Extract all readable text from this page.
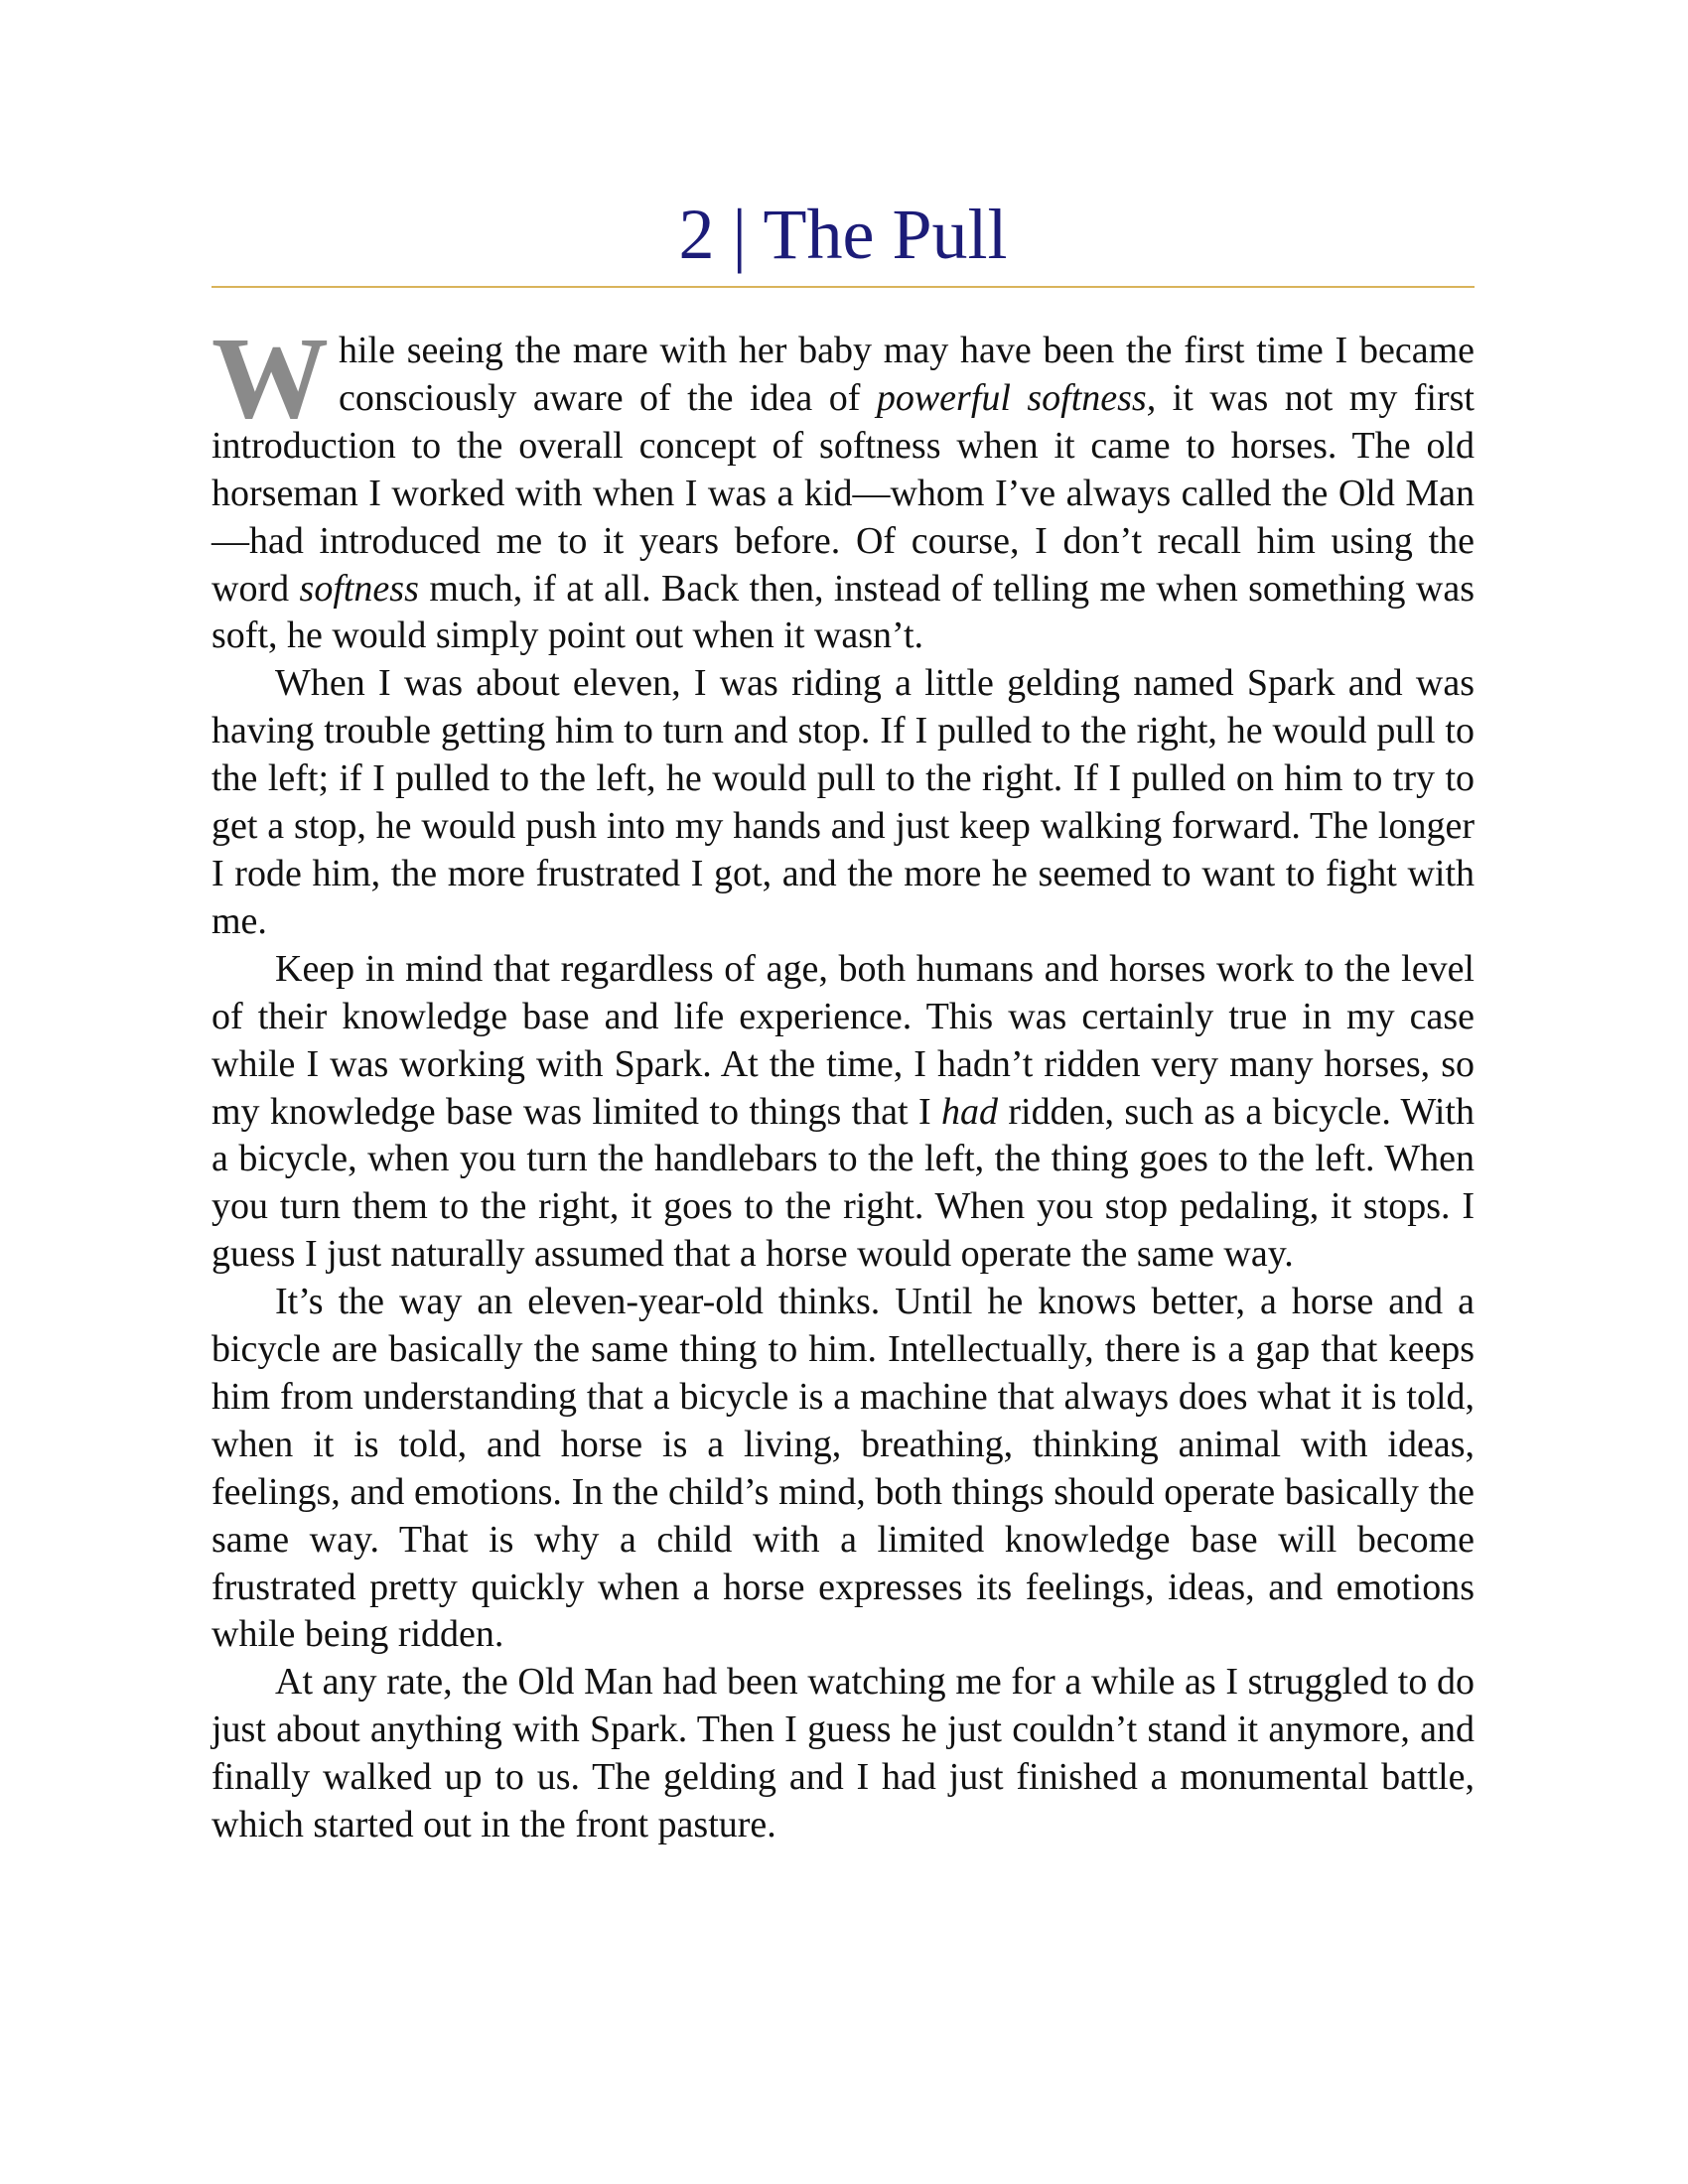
2 | The Pull

While seeing the mare with her baby may have been the first time I became consciously aware of the idea of powerful softness, it was not my first introduction to the overall concept of softness when it came to horses. The old horseman I worked with when I was a kid—whom I’ve always called the Old Man—had introduced me to it years before. Of course, I don’t recall him using the word softness much, if at all. Back then, instead of telling me when something was soft, he would simply point out when it wasn’t.

When I was about eleven, I was riding a little gelding named Spark and was having trouble getting him to turn and stop. If I pulled to the right, he would pull to the left; if I pulled to the left, he would pull to the right. If I pulled on him to try to get a stop, he would push into my hands and just keep walking forward. The longer I rode him, the more frustrated I got, and the more he seemed to want to fight with me.

Keep in mind that regardless of age, both humans and horses work to the level of their knowledge base and life experience. This was certainly true in my case while I was working with Spark. At the time, I hadn’t ridden very many horses, so my knowledge base was limited to things that I had ridden, such as a bicycle. With a bicycle, when you turn the handlebars to the left, the thing goes to the left. When you turn them to the right, it goes to the right. When you stop pedaling, it stops. I guess I just naturally assumed that a horse would operate the same way.

It’s the way an eleven-year-old thinks. Until he knows better, a horse and a bicycle are basically the same thing to him. Intellectually, there is a gap that keeps him from understanding that a bicycle is a machine that always does what it is told, when it is told, and horse is a living, breathing, thinking animal with ideas, feelings, and emotions. In the child’s mind, both things should operate basically the same way. That is why a child with a limited knowledge base will become frustrated pretty quickly when a horse expresses its feelings, ideas, and emotions while being ridden.

At any rate, the Old Man had been watching me for a while as I struggled to do just about anything with Spark. Then I guess he just couldn’t stand it anymore, and finally walked up to us. The gelding and I had just finished a monumental battle, which started out in the front pasture.
